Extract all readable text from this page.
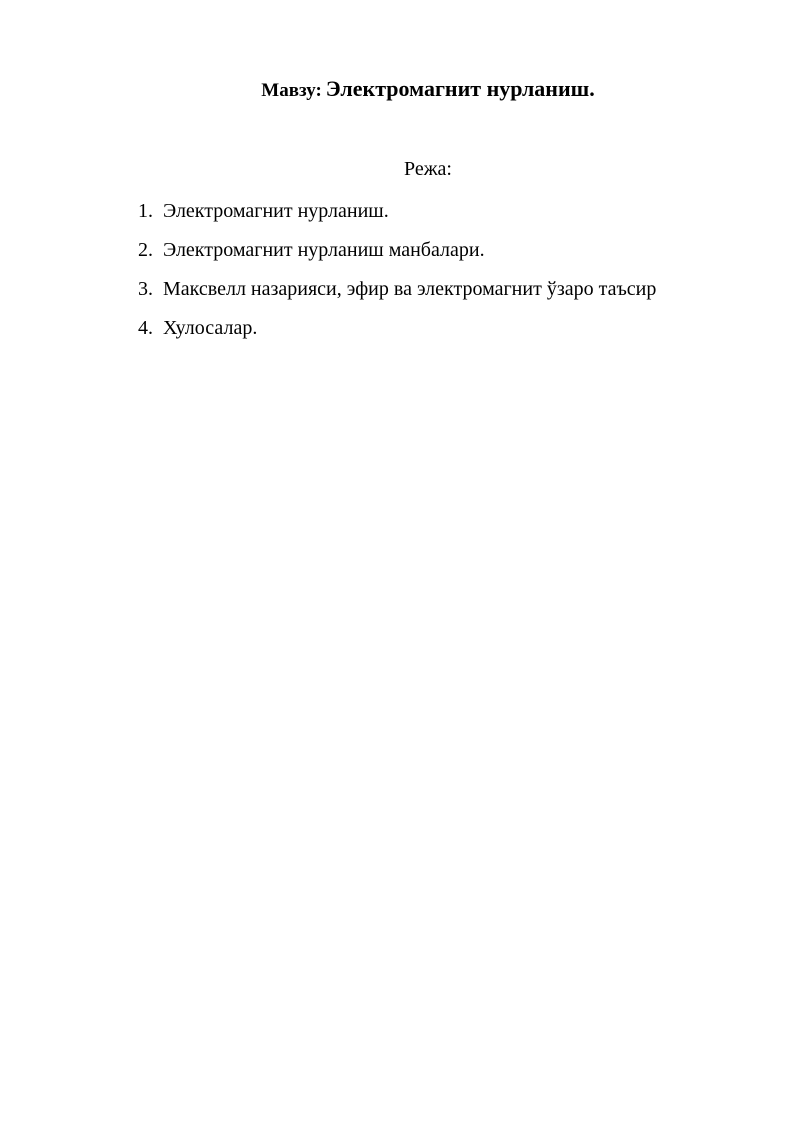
Мавзу: Электромагнит нурланиш.
Режа:
1. Электромагнит нурланиш.
2. Электромагнит нурланиш манбалари.
3. Максвелл назарияси, эфир ва электромагнит ўзаро таъсир
4. Хулосалар.
